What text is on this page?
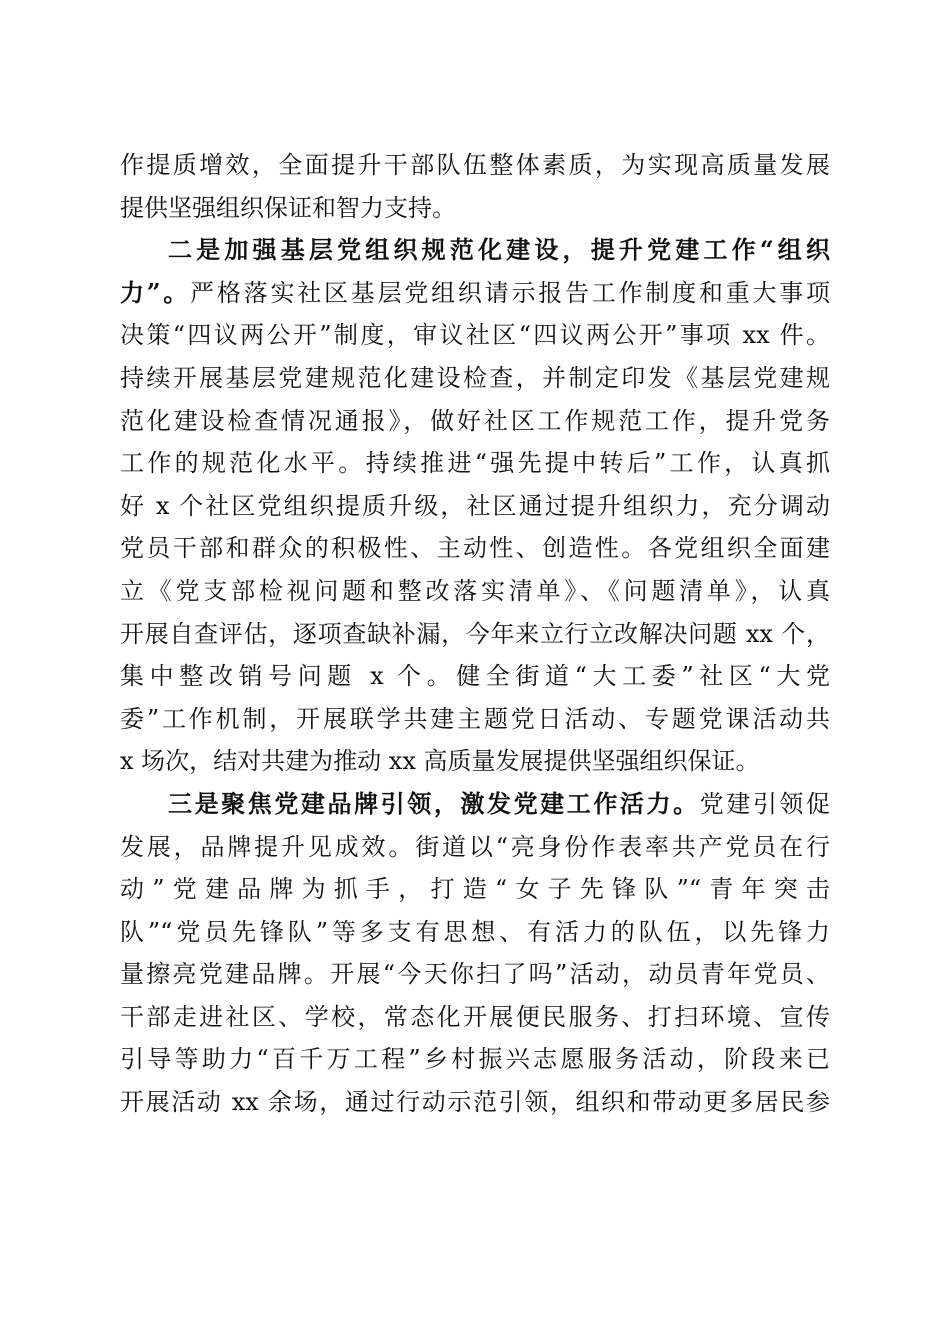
作提质增效，全面提升干部队伍整体素质，为实现高质量发展
提供坚强组织保证和智力支持。
二是加强基层党组织规范化建设，提升党建工作“组织
力”。严格落实社区基层党组织请示报告工作制度和重大事项
决策“四议两公开”制度，审议社区“四议两公开”事项 xx 件。
持续开展基层党建规范化建设检查，并制定印发《基层党建规
范化建设检查情况通报》，做好社区工作规范工作，提升党务
工作的规范化水平。持续推进“强先提中转后”工作，认真抓
好 x 个社区党组织提质升级，社区通过提升组织力，充分调动
党员干部和群众的积极性、主动性、创造性。各党组织全面建
立《党支部检视问题和整改落实清单》、《问题清单》，认真
开展自查评估，逐项查缺补漏，今年来立行立改解决问题 xx 个，
集中整改销号问题 x 个。健全街道“大工委”社区“大党
委”工作机制，开展联学共建主题党日活动、专题党课活动共
x 场次，结对共建为推动 xx 高质量发展提供坚强组织保证。
三是聚焦党建品牌引领，激发党建工作活力。党建引领促
发展，品牌提升见成效。街道以“亮身份作表率共产党员在行
动”党建品牌为抓手，打造“女子先锋队”“青年突击
队”“党员先锋队”等多支有思想、有活力的队伍，以先锋力
量擦亮党建品牌。开展“今天你扫了吗”活动，动员青年党员、
干部走进社区、学校，常态化开展便民服务、打扫环境、宣传
引导等助力“百千万工程”乡村振兴志愿服务活动，阶段来已
开展活动 xx 余场，通过行动示范引领，组织和带动更多居民参
